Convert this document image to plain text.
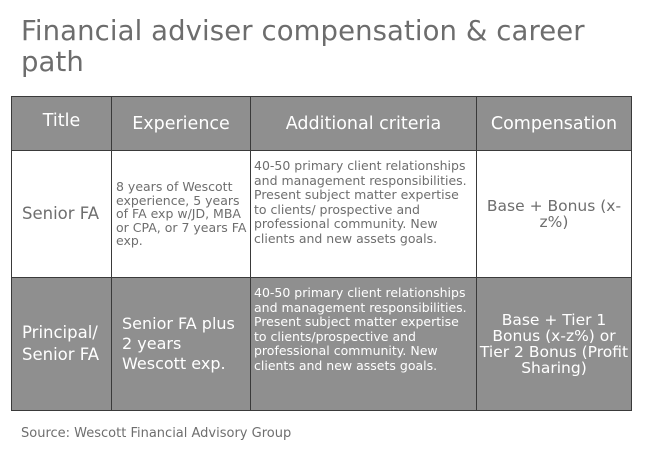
Financial adviser compensation & career path
Title	Experience	Additional criteria	Compensation
Senior FA	8 years of Wescott experience, 5 years of FA exp w/JD, MBA or CPA, or 7 years FA exp.	40-50 primary client relationships and management responsibilities. Present subject matter expertise to clients/ prospective and professional community. New clients and new assets goals.	Base + Bonus (x-z%)
Principal/ Senior FA	Senior FA plus 2 years Wescott exp.	40-50 primary client relationships and management responsibilities. Present subject matter expertise to clients/prospective and professional community. New clients and new assets goals.	Base + Tier 1 Bonus (x-z%) or Tier 2 Bonus (Profit Sharing)
Source: Wescott Financial Advisory Group
